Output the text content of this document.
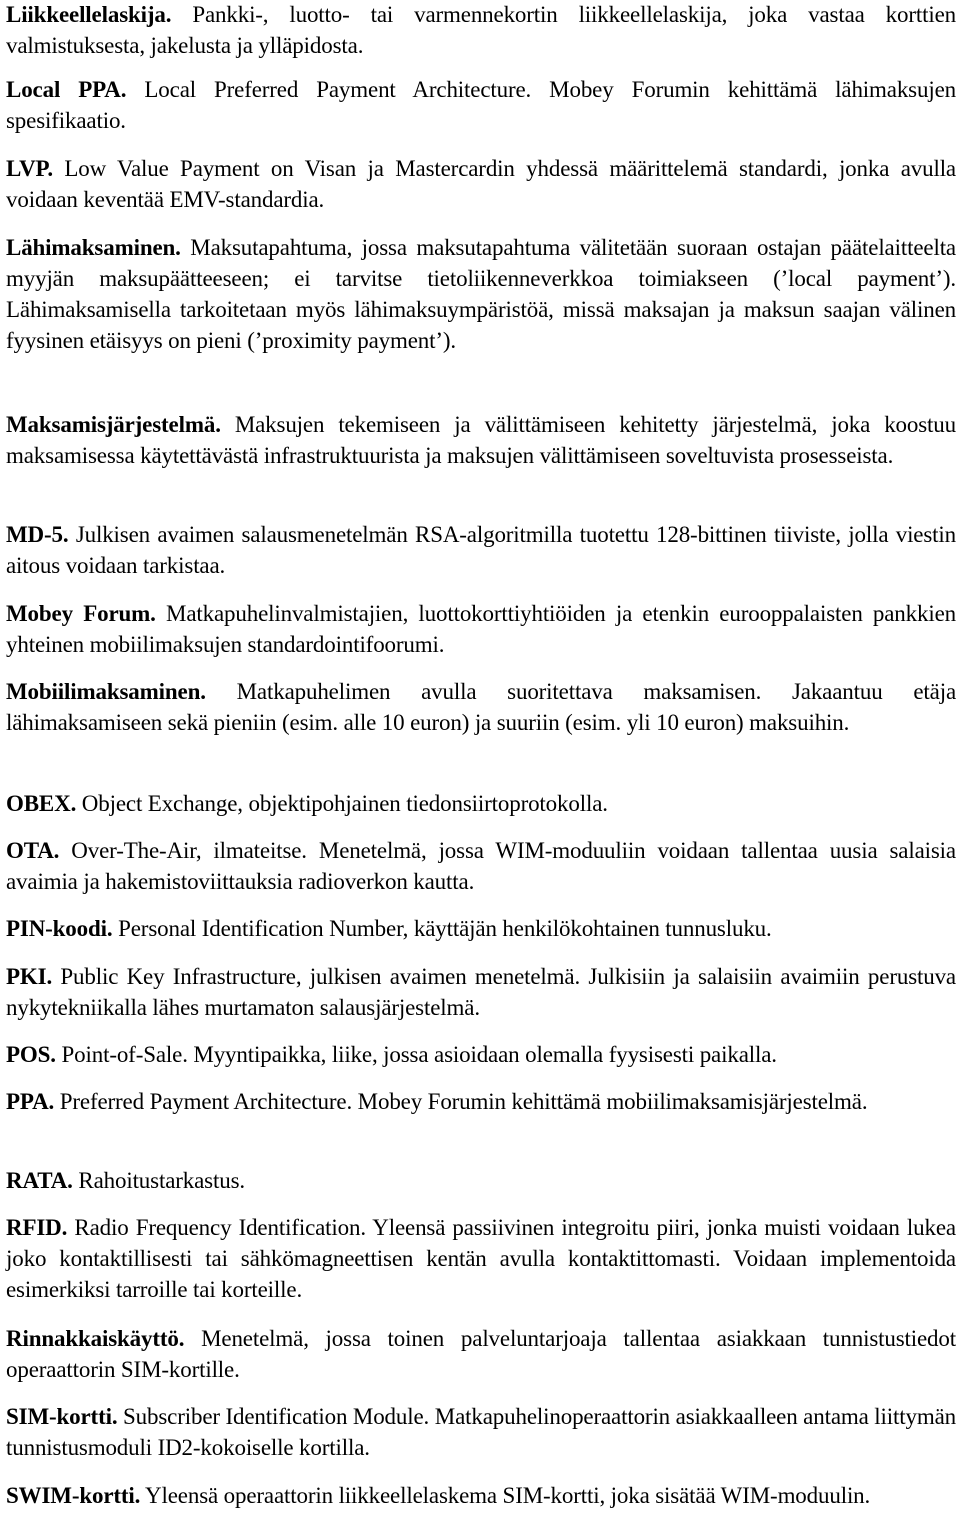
Liikkeellelaskija. Pankki-, luotto- tai varmennekortin liikkeellelaskija, joka vastaa korttien valmistuksesta, jakelusta ja ylläpidosta.
Local PPA. Local Preferred Payment Architecture. Mobey Forumin kehittämä lähimaksujen spesifikaatio.
LVP. Low Value Payment on Visan ja Mastercardin yhdessä määrittelemä standardi, jonka avulla voidaan keventää EMV-standardia.
Lähimaksaminen. Maksutapahtuma, jossa maksutapahtuma välitetään suoraan ostajan päätelaitteelta myyjän maksupäätteeseen; ei tarvitse tietoliikenneverkkoa toimiakseen (’local payment’). Lähimaksamisella tarkoitetaan myös lähimaksuympäristöä, missä maksajan ja maksun saajan välinen fyysinen etäisyys on pieni (’proximity payment’).
Maksamisjärjestelmä. Maksujen tekemiseen ja välittämiseen kehitetty järjestelmä, joka koostuu maksamisessa käytettävästä infrastruktuurista ja maksujen välittämiseen soveltuvista prosesseista.
MD-5. Julkisen avaimen salausmenetelmän RSA-algoritmilla tuotettu 128-bittinen tiiviste, jolla viestin aitous voidaan tarkistaa.
Mobey Forum. Matkapuhelinvalmistajien, luottokorttiyhtiöiden ja etenkin eurooppalaisten pankkien yhteinen mobiilimaksujen standardointifoorumi.
Mobiilimaksaminen. Matkapuhelimen avulla suoritettava maksamisen. Jakaantuu etäja lähimaksamiseen sekä pieniin (esim. alle 10 euron) ja suuriin (esim. yli 10 euron) maksuihin.
OBEX. Object Exchange, objektipohjainen tiedonsiirtoprotokolla.
OTA. Over-The-Air, ilmateitse. Menetelmä, jossa WIM-moduuliin voidaan tallentaa uusia salaisia avaimia ja hakemistoviittauksia radioverkon kautta.
PIN-koodi. Personal Identification Number, käyttäjän henkilökohtainen tunnusluku.
PKI. Public Key Infrastructure, julkisen avaimen menetelmä. Julkisiin ja salaisiin avaimiin perustuva nykytekniikalla lähes murtamaton salausjärjestelmä.
POS. Point-of-Sale. Myyntipaikka, liike, jossa asioidaan olemalla fyysisesti paikalla.
PPA. Preferred Payment Architecture. Mobey Forumin kehittämä mobiilimaksamisjärjestelmä.
RATA. Rahoitustarkastus.
RFID. Radio Frequency Identification. Yleensä passiivinen integroitu piiri, jonka muisti voidaan lukea joko kontaktillisesti tai sähkömagneettisen kentän avulla kontaktittomasti. Voidaan implementoida esimerkiksi tarroille tai korteille.
Rinnakkaiskäyttö. Menetelmä, jossa toinen palveluntarjoaja tallentaa asiakkaan tunnistustiedot operaattorin SIM-kortille.
SIM-kortti. Subscriber Identification Module. Matkapuhelinoperaattorin asiakkaalleen antama liittymän tunnistusmoduli ID2-kokoiselle kortilla.
SWIM-kortti. Yleensä operaattorin liikkeellelaskema SIM-kortti, joka sisätää WIM-moduulin.
